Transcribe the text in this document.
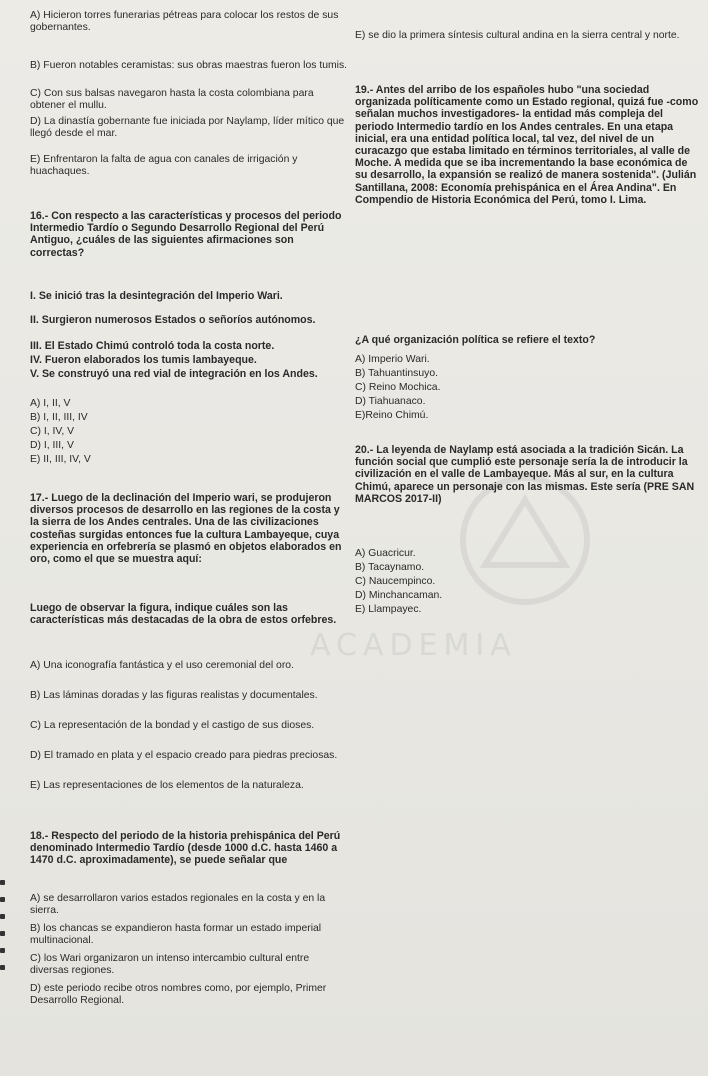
ACADEMIA
A) Hicieron torres funerarias pétreas para colocar los restos de sus gobernantes.
B) Fueron notables ceramistas: sus obras maestras fueron los tumis.
C) Con sus balsas navegaron hasta la costa colombiana para obtener el mullu.
D) La dinastía gobernante fue iniciada por Naylamp, líder mítico que llegó desde el mar.
E) Enfrentaron la falta de agua con canales de irrigación y huachaques.
16.- Con respecto a las características y procesos del periodo Intermedio Tardío o Segundo Desarrollo Regional del Perú Antiguo, ¿cuáles de las siguientes afirmaciones son correctas?
I. Se inició tras la desintegración del Imperio Wari.
II. Surgieron numerosos Estados o señoríos autónomos.
III. El Estado Chimú controló toda la costa norte.
IV. Fueron elaborados los tumis lambayeque.
V. Se construyó una red vial de integración en los Andes.
A) I, II, V
B) I, II, III, IV
C) I, IV, V
D) I, III, V
E) II, III, IV, V
17.- Luego de la declinación del Imperio wari, se produjeron diversos procesos de desarrollo en las regiones de la costa y la sierra de los Andes centrales. Una de las civilizaciones costeñas surgidas entonces fue la cultura Lambayeque, cuya experiencia en orfebrería se plasmó en objetos elaborados en oro, como el que se muestra aquí:
Luego de observar la figura, indique cuáles son las características más destacadas de la obra de estos orfebres.
A) Una iconografía fantástica y el uso ceremonial del oro.
B) Las láminas doradas y las figuras realistas y documentales.
C) La representación de la bondad y el castigo de sus dioses.
D) El tramado en plata y el espacio creado para piedras preciosas.
E) Las representaciones de los elementos de la naturaleza.
18.- Respecto del periodo de la historia prehispánica del Perú denominado Intermedio Tardío (desde 1000 d.C. hasta 1460 a 1470 d.C. aproximadamente), se puede señalar que
A) se desarrollaron varios estados regionales en la costa y en la sierra.
B) los chancas se expandieron hasta formar un estado imperial multinacional.
C) los Wari organizaron un intenso intercambio cultural entre diversas regiones.
D) este periodo recibe otros nombres como, por ejemplo, Primer Desarrollo Regional.
E) se dio la primera síntesis cultural andina en la sierra central y norte.
19.- Antes del arribo de los españoles hubo "una sociedad organizada políticamente como un Estado regional, quizá fue -como señalan muchos investigadores- la entidad más compleja del periodo Intermedio tardío en los Andes centrales. En una etapa inicial, era una entidad política local, tal vez, del nivel de un curacazgo que estaba limitado en términos territoriales, al valle de Moche. A medida que se iba incrementando la base económica de su desarrollo, la expansión se realizó de manera sostenida". (Julián Santillana, 2008: Economía prehispánica en el Área Andina". En Compendio de Historia Económica del Perú, tomo I. Lima.
¿A qué organización política se refiere el texto?
A) Imperio Wari.
B) Tahuantinsuyo.
C) Reino Mochica.
D) Tiahuanaco.
E)Reino Chimú.
20.- La leyenda de Naylamp está asociada a la tradición Sicán. La función social que cumplió este personaje sería la de introducir la civilización en el valle de Lambayeque. Más al sur, en la cultura Chimú, aparece un personaje con las mismas. Este sería (PRE SAN MARCOS 2017-II)
A) Guacricur.
B) Tacaynamo.
C) Naucempinco.
D) Minchancaman.
E) Llampayec.
